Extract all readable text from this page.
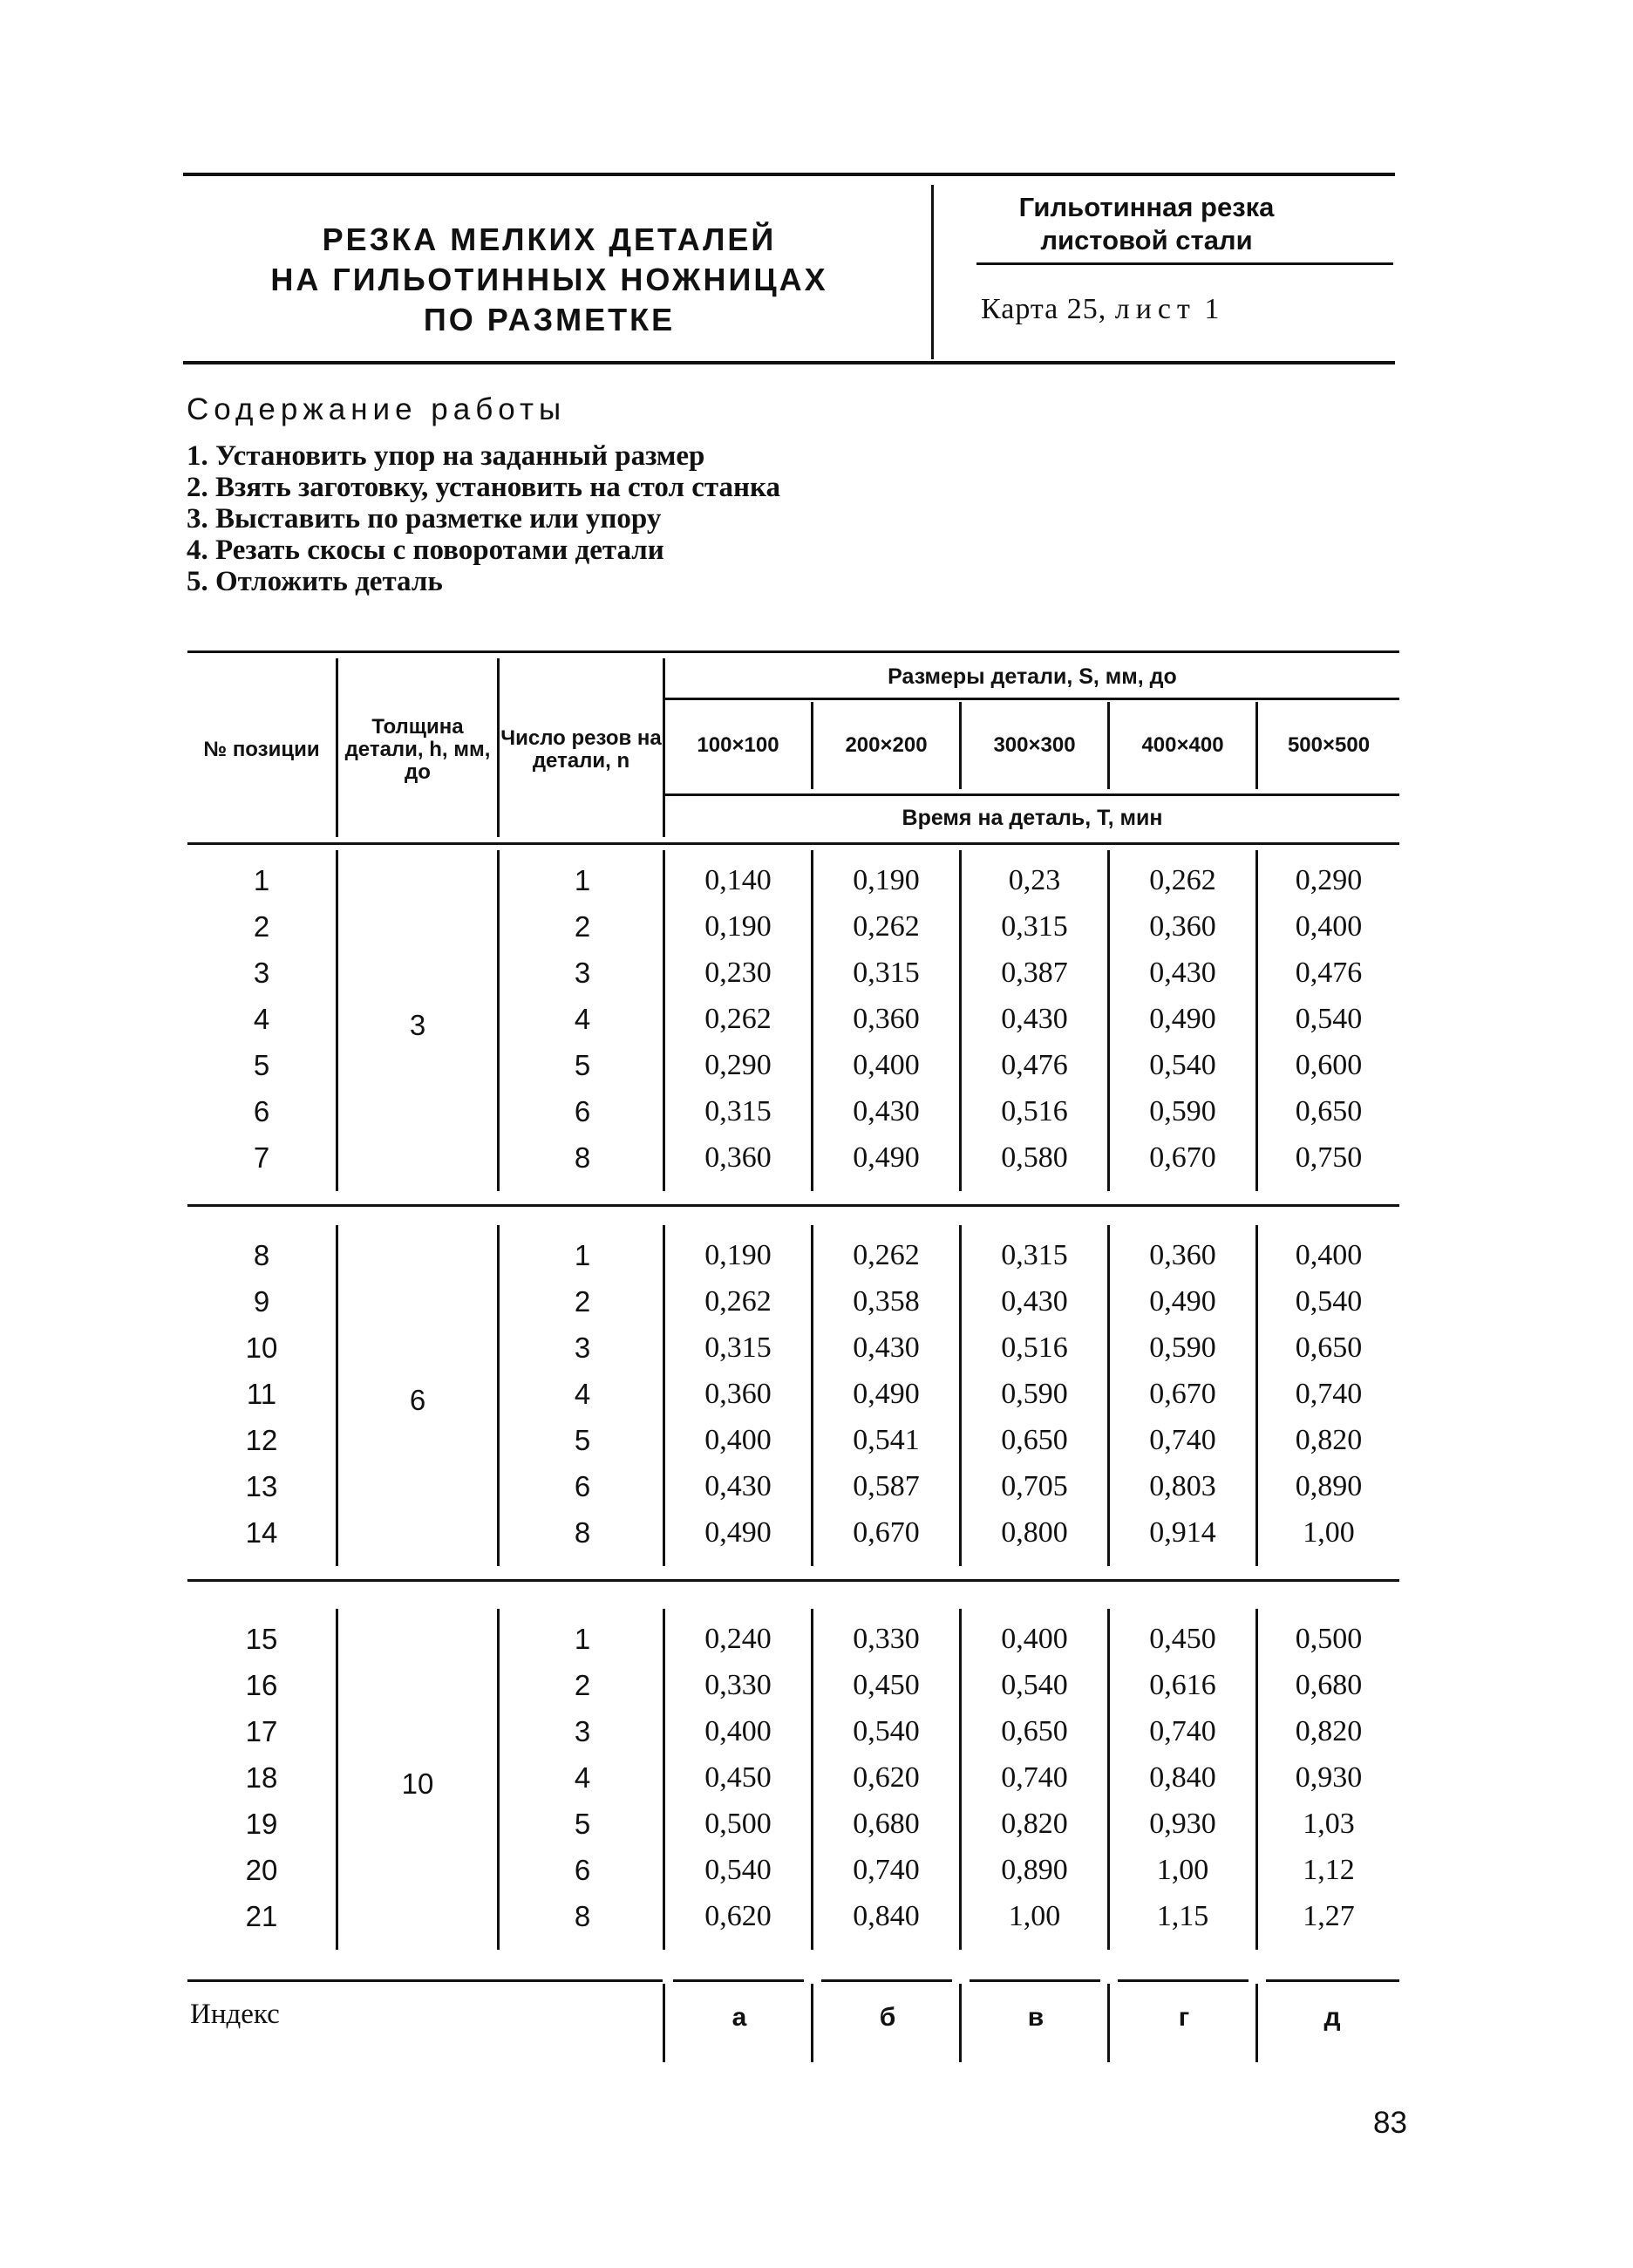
РЕЗКА МЕЛКИХ ДЕТАЛЕЙ
НА ГИЛЬОТИННЫХ НОЖНИЦАХ
ПО РАЗМЕТКЕ
Гильотинная резка
листовой стали
Карта 25, лист 1
Содержание работы
1. Установить упор на заданный размер
2. Взять заготовку, установить на стол станка
3. Выставить по разметке или упору
4. Резать скосы с поворотами детали
5. Отложить деталь
№ позиции
Толщина детали, h, мм, до
Число резов на детали, n
Размеры детали, S, мм, до
Время на деталь, T, мин
100×100	200×200	300×300	400×400	500×500
3
1	1	0,140	0,190	0,23	0,262	0,290
2	2	0,190	0,262	0,315	0,360	0,400
3	3	0,230	0,315	0,387	0,430	0,476
4	4	0,262	0,360	0,430	0,490	0,540
5	5	0,290	0,400	0,476	0,540	0,600
6	6	0,315	0,430	0,516	0,590	0,650
7	8	0,360	0,490	0,580	0,670	0,750
6
8	1	0,190	0,262	0,315	0,360	0,400
9	2	0,262	0,358	0,430	0,490	0,540
10	3	0,315	0,430	0,516	0,590	0,650
11	4	0,360	0,490	0,590	0,670	0,740
12	5	0,400	0,541	0,650	0,740	0,820
13	6	0,430	0,587	0,705	0,803	0,890
14	8	0,490	0,670	0,800	0,914	1,00
10
15	1	0,240	0,330	0,400	0,450	0,500
16	2	0,330	0,450	0,540	0,616	0,680
17	3	0,400	0,540	0,650	0,740	0,820
18	4	0,450	0,620	0,740	0,840	0,930
19	5	0,500	0,680	0,820	0,930	1,03
20	6	0,540	0,740	0,890	1,00	1,12
21	8	0,620	0,840	1,00	1,15	1,27
Индекс	а	б	в	г	д
83
